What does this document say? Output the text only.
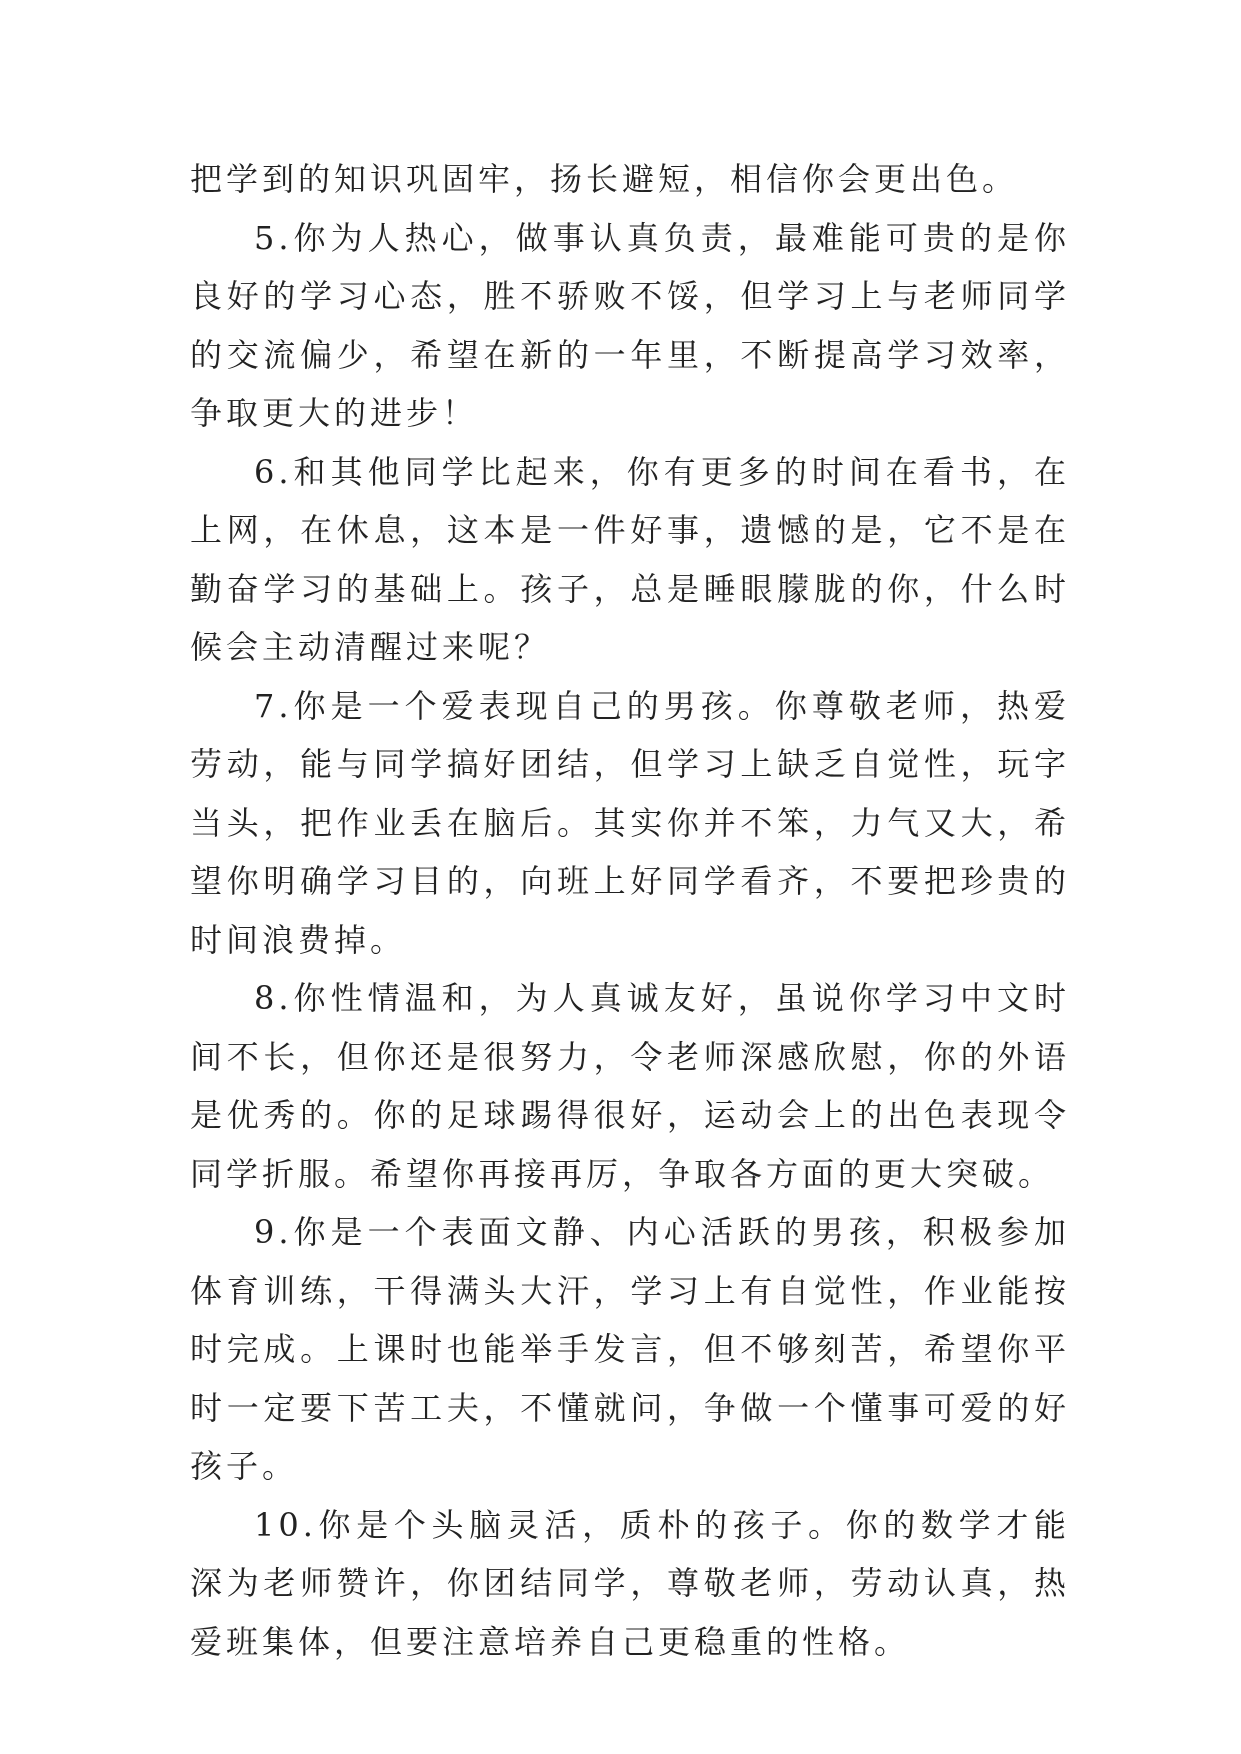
把学到的知识巩固牢，扬长避短，相信你会更出色。

5.你为人热心，做事认真负责，最难能可贵的是你良好的学习心态，胜不骄败不馁，但学习上与老师同学的交流偏少，希望在新的一年里，不断提高学习效率，争取更大的进步！

6.和其他同学比起来，你有更多的时间在看书，在上网，在休息，这本是一件好事，遗憾的是，它不是在勤奋学习的基础上。孩子，总是睡眼朦胧的你，什么时候会主动清醒过来呢？

7.你是一个爱表现自己的男孩。你尊敬老师，热爱劳动，能与同学搞好团结，但学习上缺乏自觉性，玩字当头，把作业丢在脑后。其实你并不笨，力气又大，希望你明确学习目的，向班上好同学看齐，不要把珍贵的时间浪费掉。

8.你性情温和，为人真诚友好，虽说你学习中文时间不长，但你还是很努力，令老师深感欣慰，你的外语是优秀的。你的足球踢得很好，运动会上的出色表现令同学折服。希望你再接再厉，争取各方面的更大突破。

9.你是一个表面文静、内心活跃的男孩，积极参加体育训练，干得满头大汗，学习上有自觉性，作业能按时完成。上课时也能举手发言，但不够刻苦，希望你平时一定要下苦工夫，不懂就问，争做一个懂事可爱的好孩子。

10.你是个头脑灵活，质朴的孩子。你的数学才能深为老师赞许，你团结同学，尊敬老师，劳动认真，热爱班集体，但要注意培养自己更稳重的性格。
